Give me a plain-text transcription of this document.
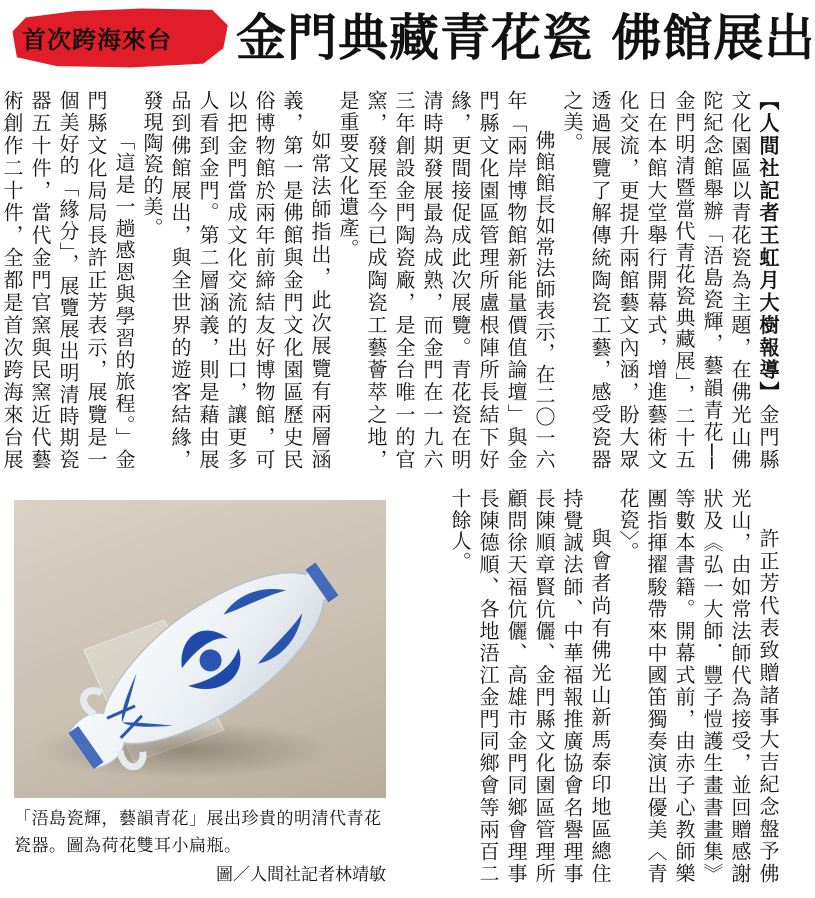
首次跨海來台	金門典藏青花瓷 佛館展出

【人間社記者王虹月大樹報導】金門縣文化園區以青花瓷為主題，在佛光山佛陀紀念館舉辦「浯島瓷輝，藝韻青花──金門明清暨當代青花瓷典藏展」，二十五日在本館大堂舉行開幕式，增進藝術文化交流，更提升兩館藝文內涵，盼大眾透過展覽了解傳統陶瓷工藝，感受瓷器之美。

佛館館長如常法師表示，在二〇一六年「兩岸博物館新能量價值論壇」與金門縣文化園區管理所盧根陣所長結下好緣，更間接促成此次展覽。青花瓷在明清時期發展最為成熟，而金門在一九六三年創設金門陶瓷廠，是全台唯一的官窯，發展至今已成陶瓷工藝薈萃之地，是重要文化遺產。

如常法師指出，此次展覽有兩層涵義，第一是佛館與金門文化園區歷史民俗博物館於兩年前締結友好博物館，可以把金門當成文化交流的出口，讓更多人看到金門。第二層涵義，則是藉由展品到佛館展出，與全世界的遊客結緣，發現陶瓷的美。

「這是一趟感恩與學習的旅程。」金門縣文化局局長許正芳表示，展覽是一個美好的「緣分」，展覽展出明清時期瓷器五十件，當代金門官窯與民窯近代藝術創作二十件，全都是首次跨海來台展

許正芳代表致贈諸事大吉紀念盤予佛光山，由如常法師代為接受，並回贈感謝狀及《弘一大師．豐子愷護生畫書畫集》等數本書籍。開幕式前，由赤子心教師樂團指揮擢駿帶來中國笛獨奏演出優美〈青花瓷〉。

與會者尚有佛光山新馬泰印地區總住持覺誠法師、中華福報推廣協會名譽理事長陳順章賢伉儷、金門縣文化園區管理所顧問徐天福伉儷、高雄市金門同鄉會理事長陳德順、各地浯江金門同鄉會等兩百二十餘人。

「浯島瓷輝，藝韻青花」展出珍貴的明清代青花瓷器。圖為荷花雙耳小扁瓶。

圖／人間社記者林靖敏
